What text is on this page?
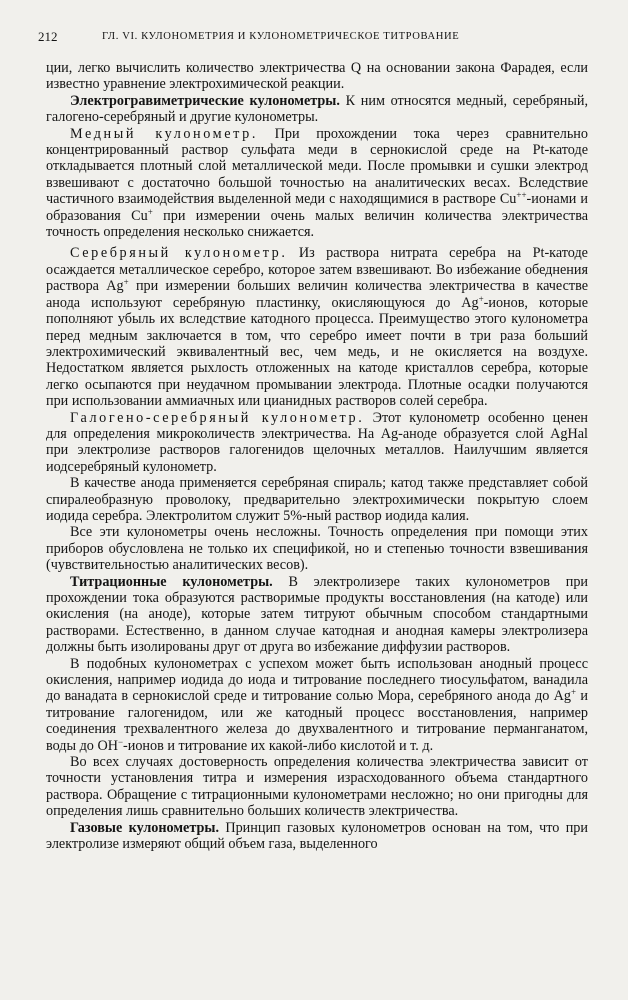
212	ГЛ. VI. КУЛОНОМЕТРИЯ И КУЛОНОМЕТРИЧЕСКОЕ ТИТРОВАНИЕ

ции, легко вычислить количество электричества Q на основании закона Фарадея, если известно уравнение электрохимической реакции.

Электрогравиметрические кулонометры. К ним относятся медный, серебряный, галогено-серебряный и другие кулонометры.

Медный кулонометр. При прохождении тока через сравнительно концентрированный раствор сульфата меди в сернокислой среде на Pt-катоде откладывается плотный слой металлической меди. После промывки и сушки электрод взвешивают с достаточно большой точностью на аналитических весах. Вследствие частичного взаимодействия выделенной меди с находящимися в растворе Cu++-ионами и образования Cu+ при измерении очень малых величин количества электричества точность определения несколько снижается.

Серебряный кулонометр. Из раствора нитрата серебра на Pt-катоде осаждается металлическое серебро, которое затем взвешивают. Во избежание обеднения раствора Ag+ при измерении больших величин количества электричества в качестве анода используют серебряную пластинку, окисляющуюся до Ag+-ионов, которые пополняют убыль их вследствие катодного процесса. Преимущество этого кулонометра перед медным заключается в том, что серебро имеет почти в три раза больший электрохимический эквивалентный вес, чем медь, и не окисляется на воздухе. Недостатком является рыхлость отложенных на катоде кристаллов серебра, которые легко осыпаются при неудачном промывании электрода. Плотные осадки получаются при использовании аммиачных или цианидных растворов солей серебра.

Галогено-серебряный кулонометр. Этот кулонометр особенно ценен для определения микроколичеств электричества. На Ag-аноде образуется слой AgHal при электролизе растворов галогенидов щелочных металлов. Наилучшим является иодсеребряный кулонометр.

В качестве анода применяется серебряная спираль; катод также представляет собой спиралеобразную проволоку, предварительно электрохимически покрытую слоем иодида серебра. Электролитом служит 5%-ный раствор иодида калия.

Все эти кулонометры очень несложны. Точность определения при помощи этих приборов обусловлена не только их спецификой, но и степенью точности взвешивания (чувствительностью аналитических весов).

Титрационные кулонометры. В электролизере таких кулонометров при прохождении тока образуются растворимые продукты восстановления (на катоде) или окисления (на аноде), которые затем титруют обычным способом стандартными растворами. Естественно, в данном случае катодная и анодная камеры электролизера должны быть изолированы друг от друга во избежание диффузии растворов.

В подобных кулонометрах с успехом может быть использован анодный процесс окисления, например иодида до иода и титрование последнего тиосульфатом, ванадила до ванадата в сернокислой среде и титрование солью Мора, серебряного анода до Ag+ и титрование галогенидом, или же катодный процесс восстановления, например соединения трехвалентного железа до двухвалентного и титрование перманганатом, воды до OH−-ионов и титрование их какой-либо кислотой и т. д.

Во всех случаях достоверность определения количества электричества зависит от точности установления титра и измерения израсходованного объема стандартного раствора. Обращение с титрационными кулонометрами несложно; но они пригодны для определения лишь сравнительно больших количеств электричества.

Газовые кулонометры. Принцип газовых кулонометров основан на том, что при электролизе измеряют общий объем газа, выделенного
